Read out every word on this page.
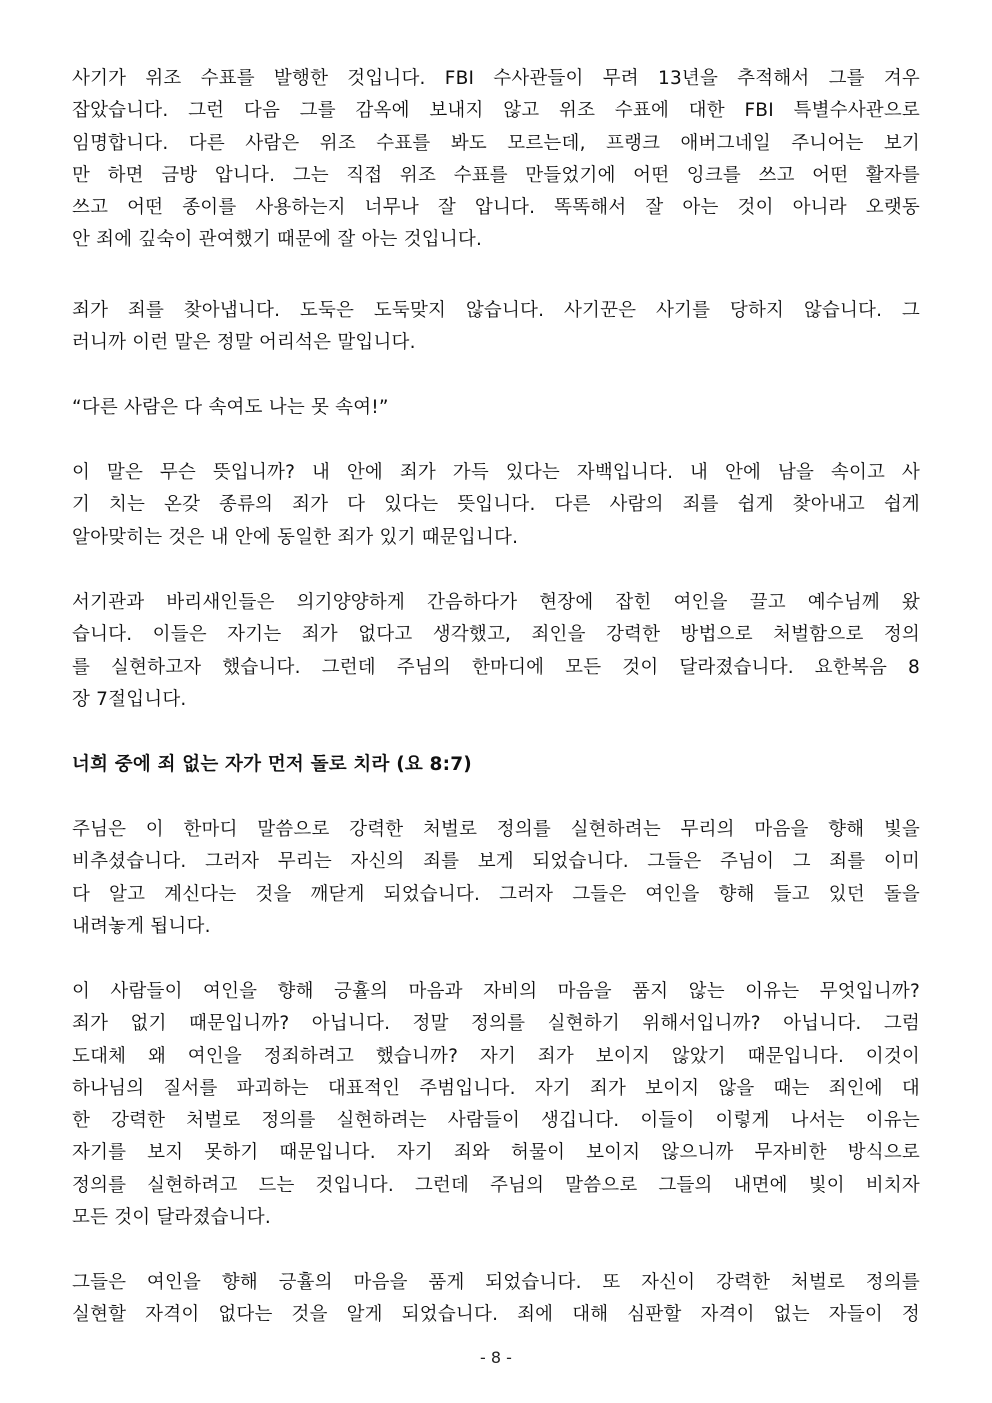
사기가 위조 수표를 발행한 것입니다. FBI 수사관들이 무려 13년을 추적해서 그를 겨우
잡았습니다. 그런 다음 그를 감옥에 보내지 않고 위조 수표에 대한 FBI 특별수사관으로
임명합니다. 다른 사람은 위조 수표를 봐도 모르는데, 프랭크 애버그네일 주니어는 보기
만 하면 금방 압니다. 그는 직접 위조 수표를 만들었기에 어떤 잉크를 쓰고 어떤 활자를
쓰고 어떤 종이를 사용하는지 너무나 잘 압니다. 똑똑해서 잘 아는 것이 아니라 오랫동
안 죄에 깊숙이 관여했기 때문에 잘 아는 것입니다.
죄가 죄를 찾아냅니다. 도둑은 도둑맞지 않습니다. 사기꾼은 사기를 당하지 않습니다. 그
러니까 이런 말은 정말 어리석은 말입니다.
“다른 사람은 다 속여도 나는 못 속여!”
이 말은 무슨 뜻입니까? 내 안에 죄가 가득 있다는 자백입니다. 내 안에 남을 속이고 사
기 치는 온갖 종류의 죄가 다 있다는 뜻입니다. 다른 사람의 죄를 쉽게 찾아내고 쉽게
알아맞히는 것은 내 안에 동일한 죄가 있기 때문입니다.
서기관과 바리새인들은 의기양양하게 간음하다가 현장에 잡힌 여인을 끌고 예수님께 왔
습니다. 이들은 자기는 죄가 없다고 생각했고, 죄인을 강력한 방법으로 처벌함으로 정의
를 실현하고자 했습니다. 그런데 주님의 한마디에 모든 것이 달라졌습니다. 요한복음 8
장 7절입니다.
너희 중에 죄 없는 자가 먼저 돌로 치라 (요 8:7)
주님은 이 한마디 말씀으로 강력한 처벌로 정의를 실현하려는 무리의 마음을 향해 빛을
비추셨습니다. 그러자 무리는 자신의 죄를 보게 되었습니다. 그들은 주님이 그 죄를 이미
다 알고 계신다는 것을 깨닫게 되었습니다. 그러자 그들은 여인을 향해 들고 있던 돌을
내려놓게 됩니다.
이 사람들이 여인을 향해 긍휼의 마음과 자비의 마음을 품지 않는 이유는 무엇입니까?
죄가 없기 때문입니까? 아닙니다. 정말 정의를 실현하기 위해서입니까? 아닙니다. 그럼
도대체 왜 여인을 정죄하려고 했습니까? 자기 죄가 보이지 않았기 때문입니다. 이것이
하나님의 질서를 파괴하는 대표적인 주범입니다. 자기 죄가 보이지 않을 때는 죄인에 대
한 강력한 처벌로 정의를 실현하려는 사람들이 생깁니다. 이들이 이렇게 나서는 이유는
자기를 보지 못하기 때문입니다. 자기 죄와 허물이 보이지 않으니까 무자비한 방식으로
정의를 실현하려고 드는 것입니다. 그런데 주님의 말씀으로 그들의 내면에 빛이 비치자
모든 것이 달라졌습니다.
그들은 여인을 향해 긍휼의 마음을 품게 되었습니다. 또 자신이 강력한 처벌로 정의를
실현할 자격이 없다는 것을 알게 되었습니다. 죄에 대해 심판할 자격이 없는 자들이 정
- 8 -
